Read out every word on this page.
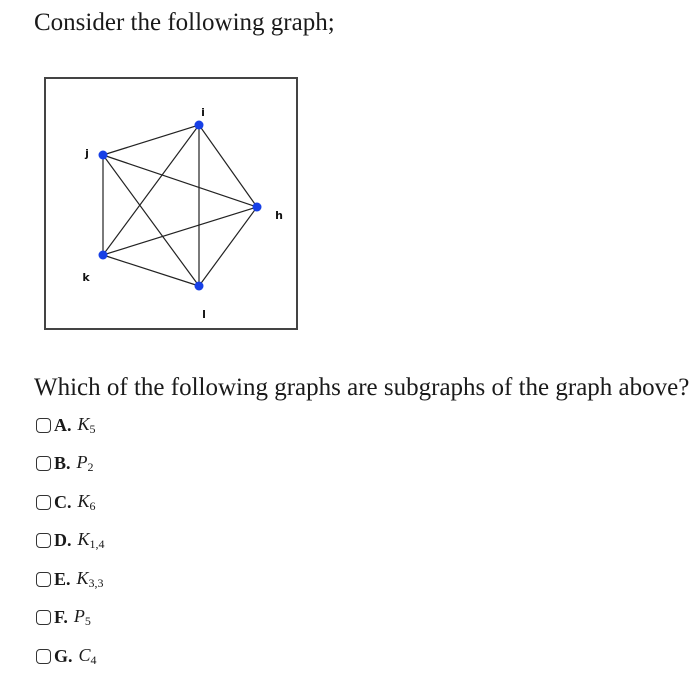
Consider the following graph;
i
h
l
k
j
Which of the following graphs are subgraphs of the graph above?
A. $K_5$
B. $P_2$
C. $K_6$
D. $K_{1,4}$
E. $K_{3,3}$
F. $P_5$
G. $C_4$
